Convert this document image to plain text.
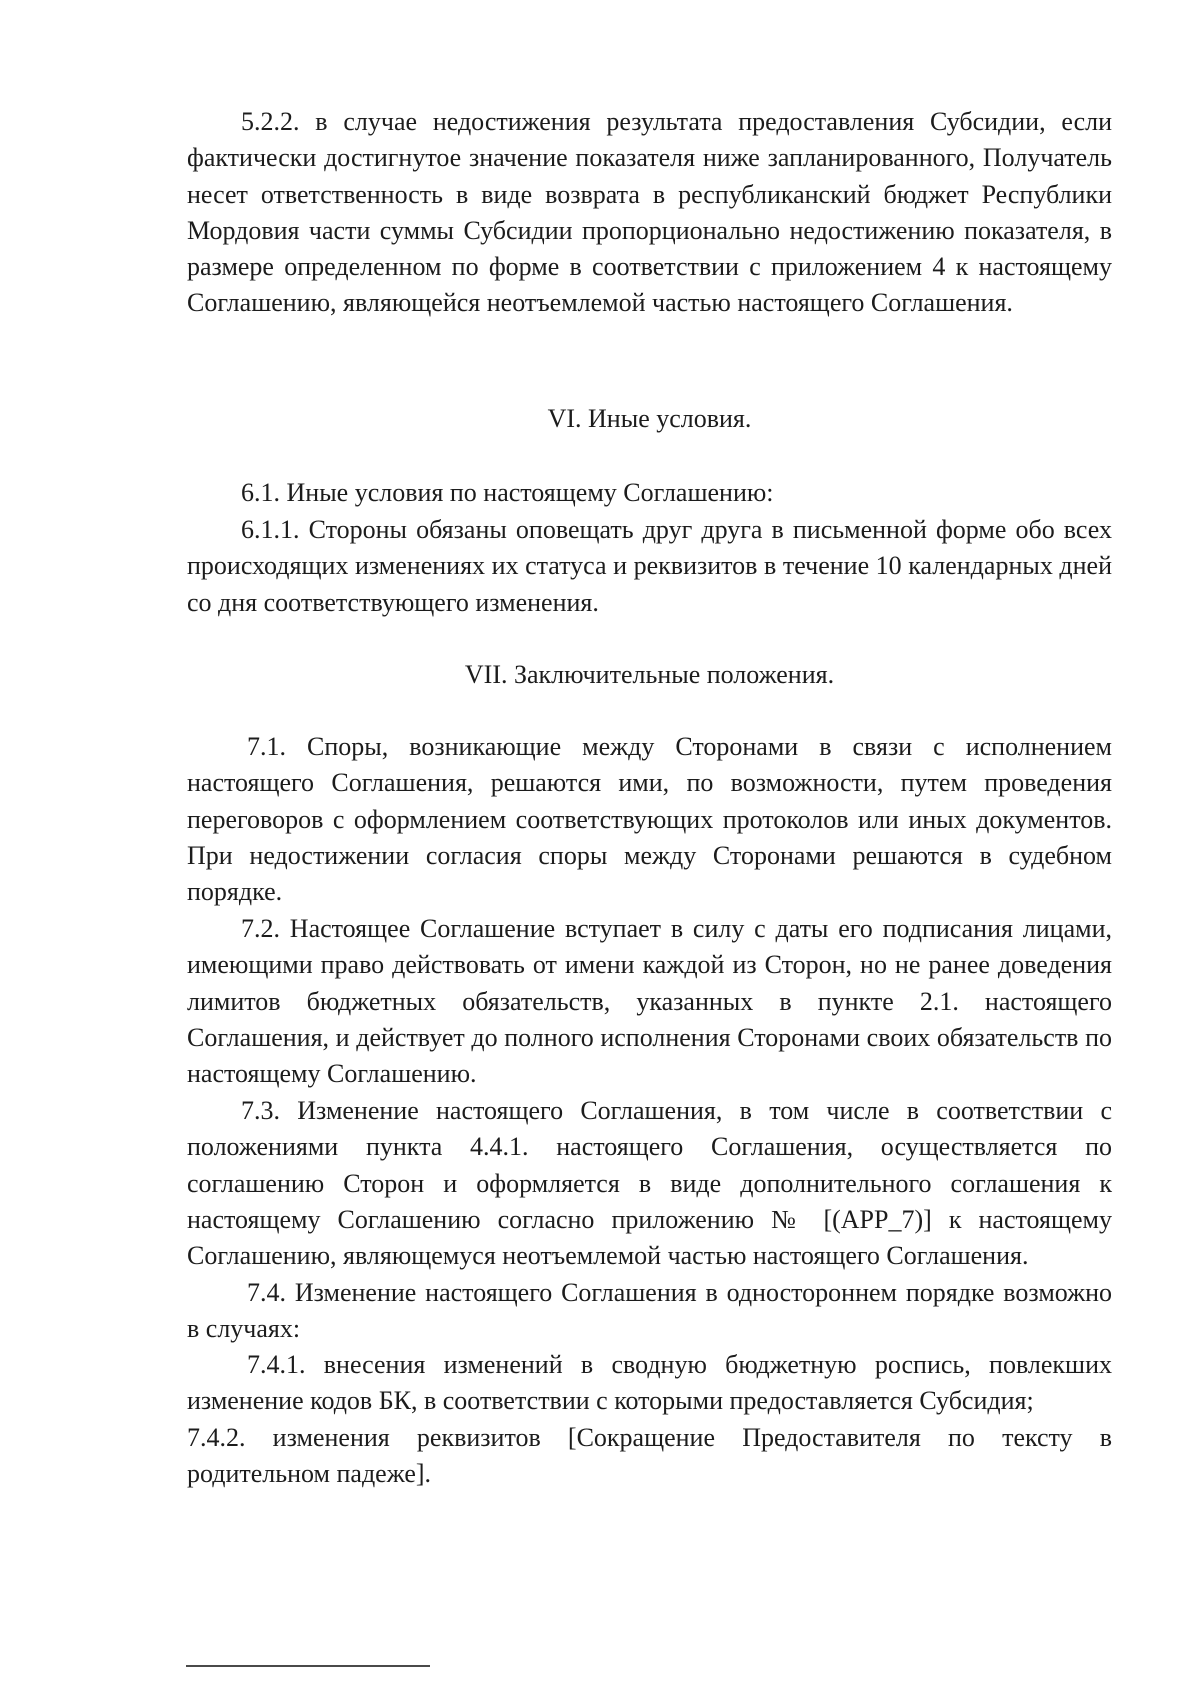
5.2.2. в случае недостижения результата предоставления Субсидии, если фактически достигнутое значение показателя ниже запланированного, Получатель несет ответственность в виде возврата в республиканский бюджет Республики Мордовия части суммы Субсидии пропорционально недостижению показателя, в размере определенном по форме в соответствии с приложением 4 к настоящему Соглашению, являющейся неотъемлемой частью настоящего Соглашения.

VI. Иные условия.

6.1. Иные условия по настоящему Соглашению:

6.1.1. Стороны обязаны оповещать друг друга в письменной форме обо всех происходящих изменениях их статуса и реквизитов в течение 10 календарных дней со дня соответствующего изменения.

VII. Заключительные положения.

7.1. Споры, возникающие между Сторонами в связи с исполнением настоящего Соглашения, решаются ими, по возможности, путем проведения переговоров с оформлением соответствующих протоколов или иных документов. При недостижении согласия споры между Сторонами решаются в судебном порядке.

7.2. Настоящее Соглашение вступает в силу с даты его подписания лицами, имеющими право действовать от имени каждой из Сторон, но не ранее доведения лимитов бюджетных обязательств, указанных в пункте 2.1. настоящего Соглашения, и действует до полного исполнения Сторонами своих обязательств по настоящему Соглашению.

7.3. Изменение настоящего Соглашения, в том числе в соответствии с положениями пункта 4.4.1. настоящего Соглашения, осуществляется по соглашению Сторон и оформляется в виде дополнительного соглашения к настоящему Соглашению согласно приложению № [(APP_7)] к настоящему Соглашению, являющемуся неотъемлемой частью настоящего Соглашения.

7.4. Изменение настоящего Соглашения в одностороннем порядке возможно в случаях:

7.4.1. внесения изменений в сводную бюджетную роспись, повлекших изменение кодов БК, в соответствии с которыми предоставляется Субсидия;

7.4.2. изменения реквизитов [Сокращение Предоставителя по тексту в родительном падеже].
